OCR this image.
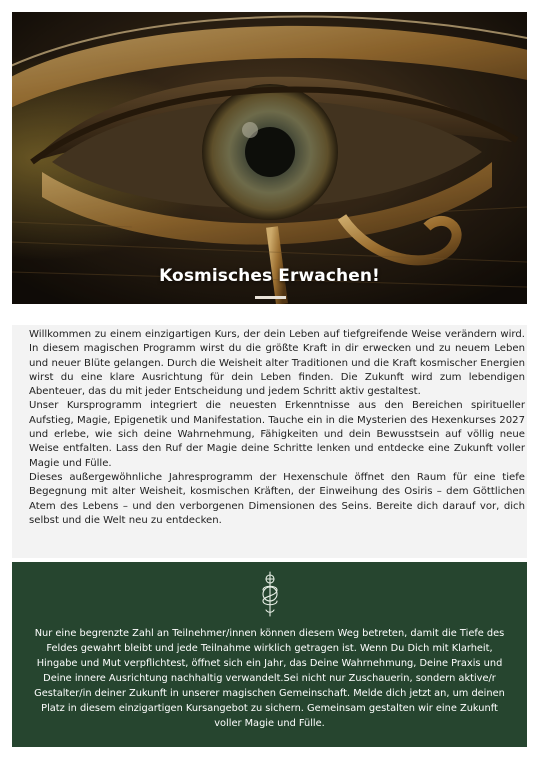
Kosmisches Erwachen!

Willkommen zu einem einzigartigen Kurs, der dein Leben auf tiefgreifende Weise verändern wird. In diesem magischen Programm wirst du die größte Kraft in dir erwecken und zu neuem Leben und neuer Blüte gelangen. Durch die Weisheit alter Traditionen und die Kraft kosmischer Energien wirst du eine klare Ausrichtung für dein Leben finden. Die Zukunft wird zum lebendigen Abenteuer, das du mit jeder Entscheidung und jedem Schritt aktiv gestaltest.

Unser Kursprogramm integriert die neuesten Erkenntnisse aus den Bereichen spiritueller Aufstieg, Magie, Epigenetik und Manifestation. Tauche ein in die Mysterien des Hexenkurses 2027 und erlebe, wie sich deine Wahrnehmung, Fähigkeiten und dein Bewusstsein auf völlig neue Weise entfalten. Lass den Ruf der Magie deine Schritte lenken und entdecke eine Zukunft voller Magie und Fülle.

Dieses außergewöhnliche Jahresprogramm der Hexenschule öffnet den Raum für eine tiefe Begegnung mit alter Weisheit, kosmischen Kräften, der Einweihung des Osiris – dem Göttlichen Atem des Lebens – und den verborgenen Dimensionen des Seins. Bereite dich darauf vor, dich selbst und die Welt neu zu entdecken.

Nur eine begrenzte Zahl an Teilnehmer/innen können diesem Weg betreten, damit die Tiefe des Feldes gewahrt bleibt und jede Teilnahme wirklich getragen ist. Wenn Du Dich mit Klarheit, Hingabe und Mut verpflichtest, öffnet sich ein Jahr, das Deine Wahrnehmung, Deine Praxis und Deine innere Ausrichtung nachhaltig verwandelt.Sei nicht nur Zuschauerin, sondern aktive/r Gestalter/in deiner Zukunft in unserer magischen Gemeinschaft. Melde dich jetzt an, um deinen Platz in diesem einzigartigen Kursangebot zu sichern. Gemeinsam gestalten wir eine Zukunft voller Magie und Fülle.
